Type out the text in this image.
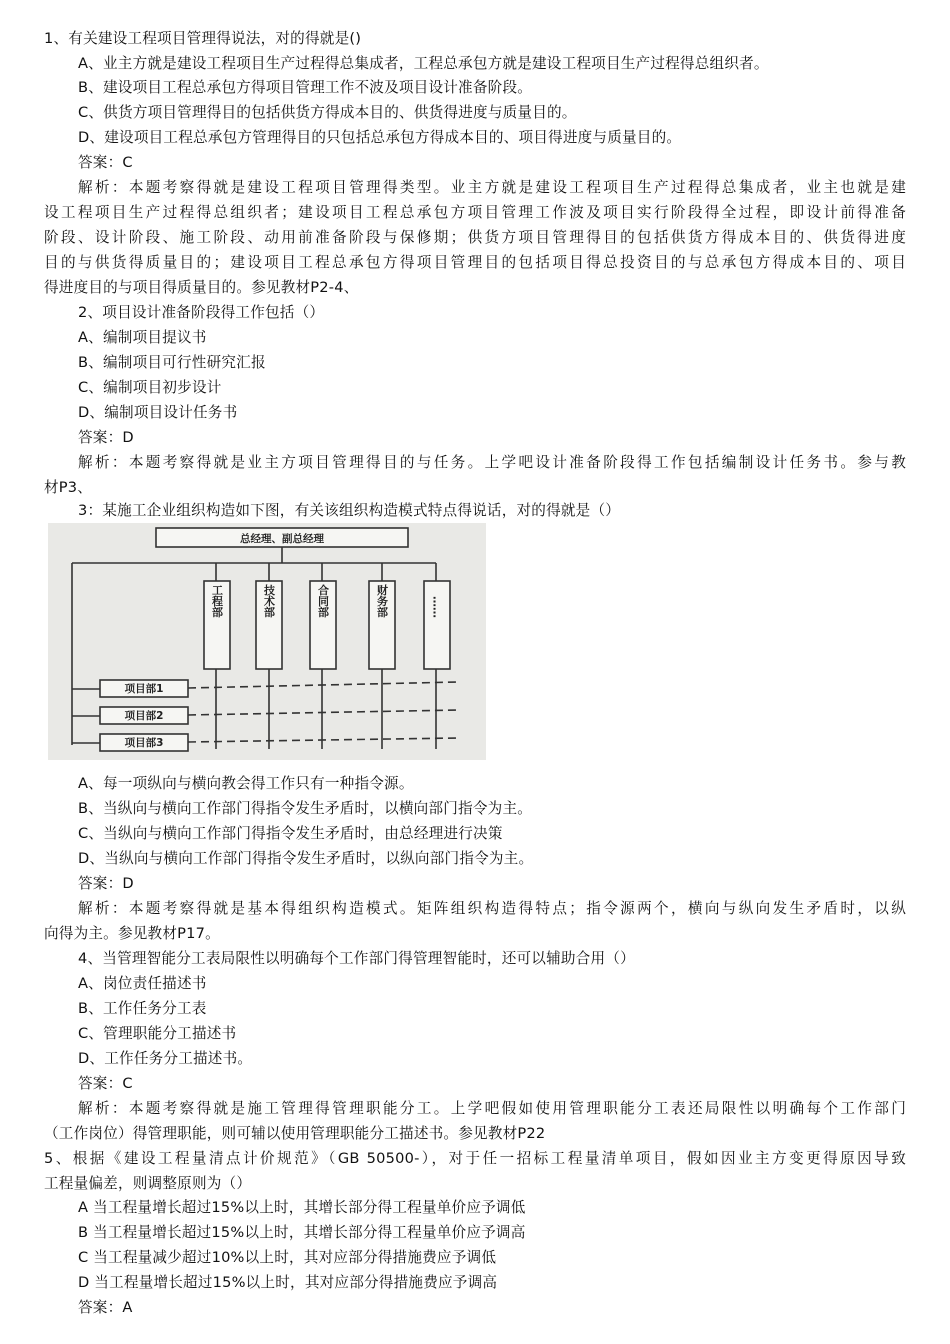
1、有关建设工程项目管理得说法，对的得就是()
A、业主方就是建设工程项目生产过程得总集成者，工程总承包方就是建设工程项目生产过程得总组织者。
B、建设项目工程总承包方得项目管理工作不波及项目设计准备阶段。
C、供货方项目管理得目的包括供货方得成本目的、供货得进度与质量目的。
D、建设项目工程总承包方管理得目的只包括总承包方得成本目的、项目得进度与质量目的。
答案：C
解析：本题考察得就是建设工程项目管理得类型。业主方就是建设工程项目生产过程得总集成者，业主也就是建
设工程项目生产过程得总组织者；建设项目工程总承包方项目管理工作波及项目实行阶段得全过程，即设计前得准备
阶段、设计阶段、施工阶段、动用前准备阶段与保修期；供货方项目管理得目的包括供货方得成本目的、供货得进度
目的与供货得质量目的；建设项目工程总承包方得项目管理目的包括项目得总投资目的与总承包方得成本目的、项目
得进度目的与项目得质量目的。参见教材P2-4、
2、项目设计准备阶段得工作包括（）
A、编制项目提议书
B、编制项目可行性研究汇报
C、编制项目初步设计
D、编制项目设计任务书
答案：D
解析：本题考察得就是业主方项目管理得目的与任务。上学吧设计准备阶段得工作包括编制设计任务书。参与教
材P3、
3：某施工企业组织构造如下图，有关该组织构造模式特点得说话，对的得就是（）
总经理、副总经理
工程部	技术部	合同部	财务部	……
项目部1
项目部2
项目部3
A、每一项纵向与横向教会得工作只有一种指令源。
B、当纵向与横向工作部门得指令发生矛盾时，以横向部门指令为主。
C、当纵向与横向工作部门得指令发生矛盾时，由总经理进行决策
D、当纵向与横向工作部门得指令发生矛盾时，以纵向部门指令为主。
答案：D
解析：本题考察得就是基本得组织构造模式。矩阵组织构造得特点；指令源两个，横向与纵向发生矛盾时，以纵
向得为主。参见教材P17。
4、当管理智能分工表局限性以明确每个工作部门得管理智能时，还可以辅助合用（）
A、岗位责任描述书
B、工作任务分工表
C、管理职能分工描述书
D、工作任务分工描述书。
答案：C
解析：本题考察得就是施工管理得管理职能分工。上学吧假如使用管理职能分工表还局限性以明确每个工作部门
（工作岗位）得管理职能，则可辅以使用管理职能分工描述书。参见教材P22
5、根据《建设工程量清点计价规范》（GB 50500-），对于任一招标工程量清单项目，假如因业主方变更得原因导致
工程量偏差，则调整原则为（）
A 当工程量增长超过15%以上时，其增长部分得工程量单价应予调低
B 当工程量增长超过15%以上时，其增长部分得工程量单价应予调高
C 当工程量减少超过10%以上时，其对应部分得措施费应予调低
D 当工程量增长超过15%以上时，其对应部分得措施费应予调高
答案：A
